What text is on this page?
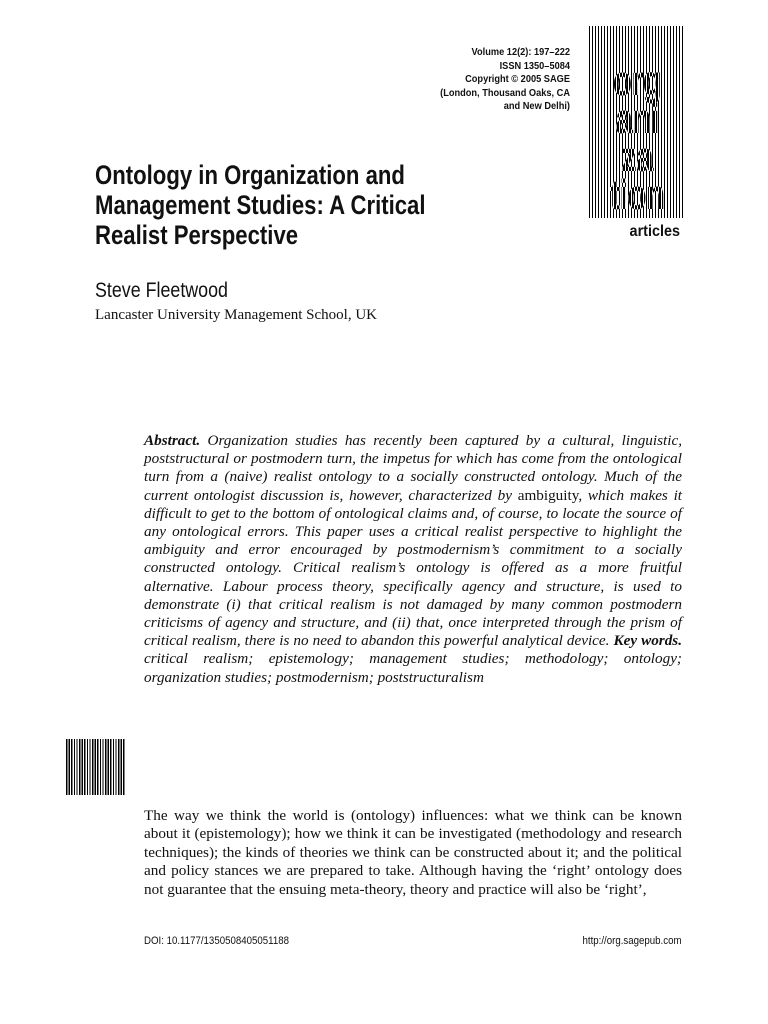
Volume 12(2): 197–222
ISSN 1350–5084
Copyright © 2005 SAGE
(London, Thousand Oaks, CA
and New Delhi)
org
ani
za
tion
articles
Ontology in Organization and
Management Studies: A Critical
Realist Perspective
Steve Fleetwood
Lancaster University Management School, UK
Abstract. Organization studies has recently been captured by a cultural, linguistic, poststructural or postmodern turn, the impetus for which has come from the ontological turn from a (naive) realist ontology to a socially constructed ontology. Much of the current ontologist discussion is, however, characterized by ambiguity, which makes it difficult to get to the bottom of ontological claims and, of course, to locate the source of any ontological errors. This paper uses a critical realist perspective to highlight the ambiguity and error encouraged by postmodernism’s commitment to a socially constructed ontology. Critical realism’s ontology is offered as a more fruitful alternative. Labour process theory, specifically agency and structure, is used to demonstrate (i) that critical realism is not damaged by many common postmodern criticisms of agency and structure, and (ii) that, once interpreted through the prism of critical realism, there is no need to abandon this powerful analytical device. Key words. critical realism; epistemology; management studies; methodology; ontology; organization studies; postmodernism; poststructuralism
The way we think the world is (ontology) influences: what we think can be known about it (epistemology); how we think it can be investigated (methodology and research techniques); the kinds of theories we think can be constructed about it; and the political and policy stances we are prepared to take. Although having the ‘right’ ontology does not guarantee that the ensuing meta-theory, theory and practice will also be ‘right’,
DOI: 10.1177/1350508405051188	http://org.sagepub.com
